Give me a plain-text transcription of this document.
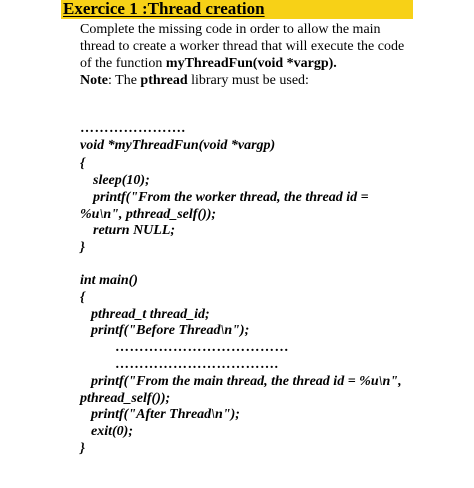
Exercice 1 :Thread creation
Complete the missing code in order to allow the main
thread to create a worker thread that will execute the code
of the function myThreadFun(void *vargp).
Note: The pthread library must be used:
………………….
void *myThreadFun(void *vargp)
{
sleep(10);
printf("From the worker thread, the thread id =
%u\n", pthread_self());
return NULL;
}
int main()
{
pthread_t thread_id;
printf("Before Thread\n");
………………………………
…………………………….
printf("From the main thread, the thread id = %u\n",
pthread_self());
printf("After Thread\n");
exit(0);
}
